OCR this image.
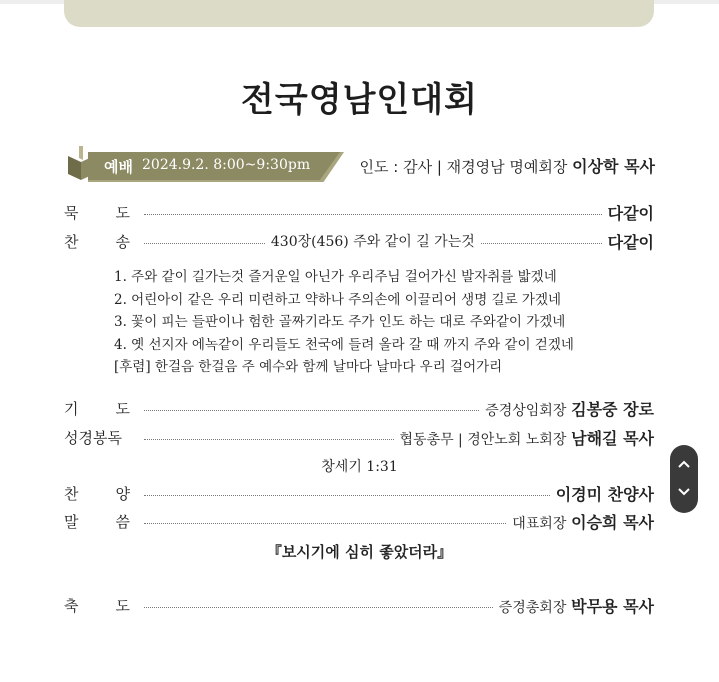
전국영남인대회
예배 2024.9.2. 8:00~9:30pm	인도 : 감사 | 재경영남 명예회장 이상학 목사
묵 도	다같이
찬 송	430장(456) 주와 같이 길 가는것	다같이
1. 주와 같이 길가는것 즐거운일 아닌가 우리주님 걸어가신 발자취를 밟겠네
2. 어린아이 같은 우리 미련하고 약하나 주의손에 이끌리어 생명 길로 가겠네
3. 꽃이 피는 들판이나 험한 골짜기라도 주가 인도 하는 대로 주와같이 가겠네
4. 옛 선지자 에녹같이 우리들도 천국에 들려 올라 갈 때 까지 주와 같이 걷겠네
[후렴] 한걸음 한걸음 주 예수와 함께 날마다 날마다 우리 걸어가리
기 도	증경상임회장 김봉중 장로
성경봉독	협동총무 | 경안노회 노회장 남해길 목사
창세기 1:31
찬 양	이경미 찬양사
말 씀	대표회장 이승희 목사
『보시기에 심히 좋았더라』
축 도	증경총회장 박무용 목사
